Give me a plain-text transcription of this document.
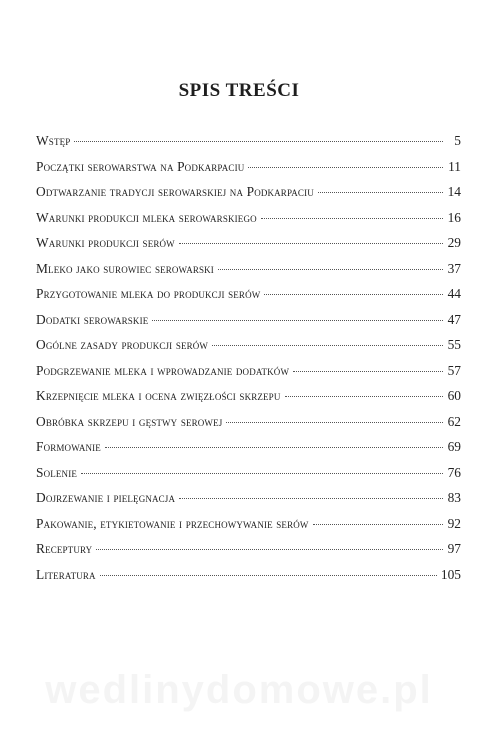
SPIS TREŚCI
Wstęp	5
Początki serowarstwa na Podkarpaciu	11
Odtwarzanie tradycji serowarskiej na Podkarpaciu	14
Warunki produkcji mleka serowarskiego	16
Warunki produkcji serów	29
Mleko jako surowiec serowarski	37
Przygotowanie mleka do produkcji serów	44
Dodatki serowarskie	47
Ogólne zasady produkcji serów	55
Podgrzewanie mleka i wprowadzanie dodatków	57
Krzepnięcie mleka i ocena zwięzłości skrzepu	60
Obróbka skrzepu i gęstwy serowej	62
Formowanie	69
Solenie	76
Dojrzewanie i pielęgnacja	83
Pakowanie, etykietowanie i przechowywanie serów	92
Receptury	97
Literatura	105
wedlinydomowe.pl
